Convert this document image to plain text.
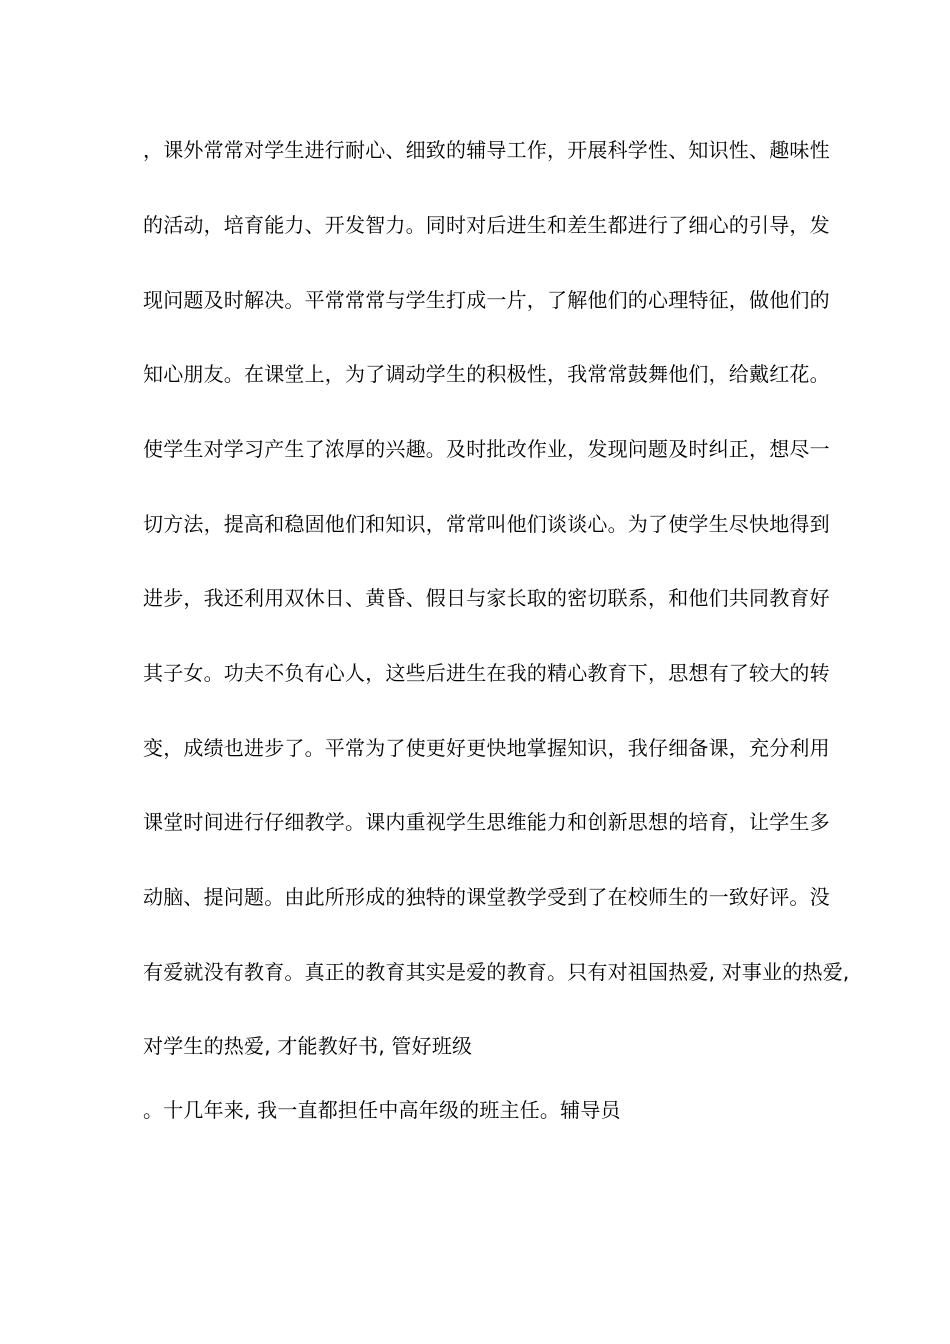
，课外常常对学生进行耐心、细致的辅导工作，开展科学性、知识性、趣味性

的活动，培育能力、开发智力。同时对后进生和差生都进行了细心的引导，发

现问题及时解决。平常常常与学生打成一片，了解他们的心理特征，做他们的

知心朋友。在课堂上，为了调动学生的积极性，我常常鼓舞他们，给戴红花。

使学生对学习产生了浓厚的兴趣。及时批改作业，发现问题及时纠正，想尽一

切方法，提高和稳固他们和知识，常常叫他们谈谈心。为了使学生尽快地得到

进步，我还利用双休日、黄昏、假日与家长取的密切联系，和他们共同教育好

其子女。功夫不负有心人，这些后进生在我的精心教育下，思想有了较大的转

变，成绩也进步了。平常为了使更好更快地掌握知识，我仔细备课，充分利用

课堂时间进行仔细教学。课内重视学生思维能力和创新思想的培育，让学生多

动脑、提问题。由此所形成的独特的课堂教学受到了在校师生的一致好评。没

有爱就没有教育。真正的教育其实是爱的教育。只有对祖国热爱, 对事业的热爱,

对学生的热爱, 才能教好书, 管好班级

。十几年来, 我一直都担任中高年级的班主任。辅导员
